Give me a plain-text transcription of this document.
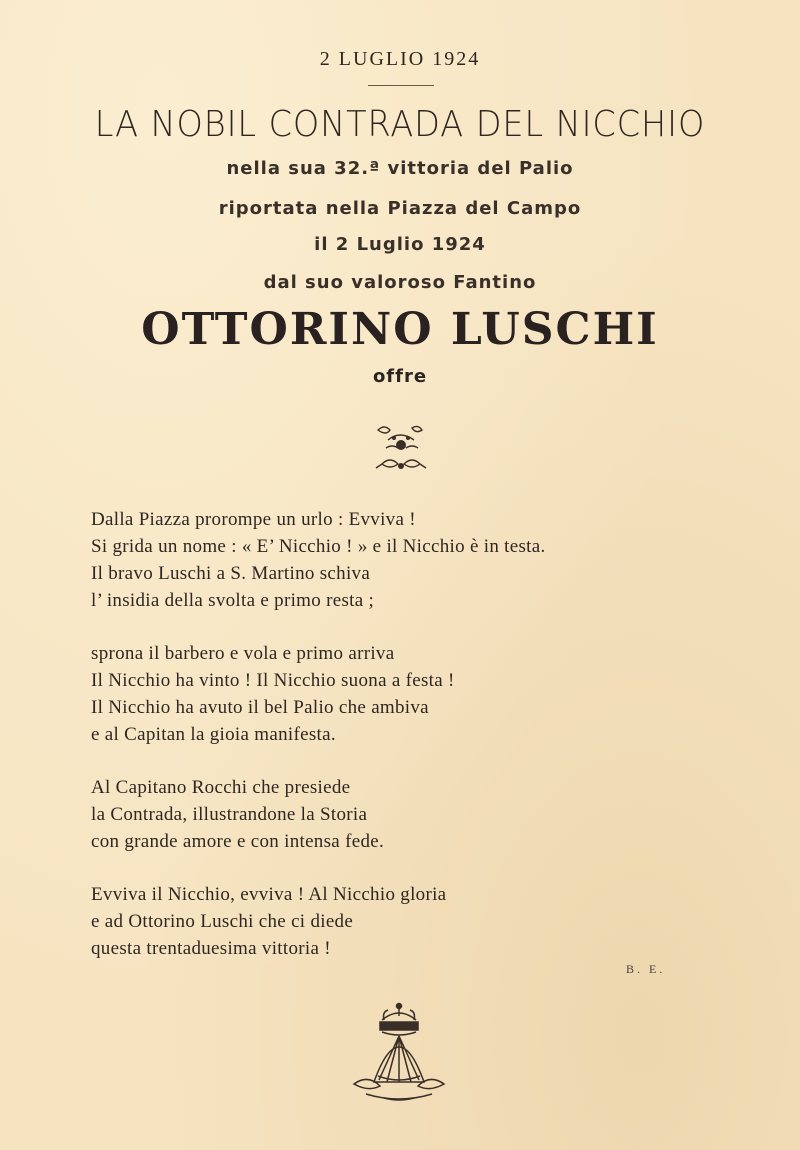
2 LUGLIO 1924
LA NOBIL CONTRADA DEL NICCHIO
nella sua 32.ª vittoria del Palio
riportata nella Piazza del Campo
il 2 Luglio 1924
dal suo valoroso Fantino
OTTORINO LUSCHI
offre
Dalla Piazza prorompe un urlo : Evviva !
Si grida un nome : « E’ Nicchio ! » e il Nicchio è in testa.
Il bravo Luschi a S. Martino schiva
l’ insidia della svolta e primo resta ;
sprona il barbero e vola e primo arriva
Il Nicchio ha vinto ! Il Nicchio suona a festa !
Il Nicchio ha avuto il bel Palio che ambiva
e al Capitan la gioia manifesta.
Al Capitano Rocchi che presiede
la Contrada, illustrandone la Storia
con grande amore e con intensa fede.
Evviva il Nicchio, evviva ! Al Nicchio gloria
e ad Ottorino Luschi che ci diede
questa trentaduesima vittoria !
B. E.
